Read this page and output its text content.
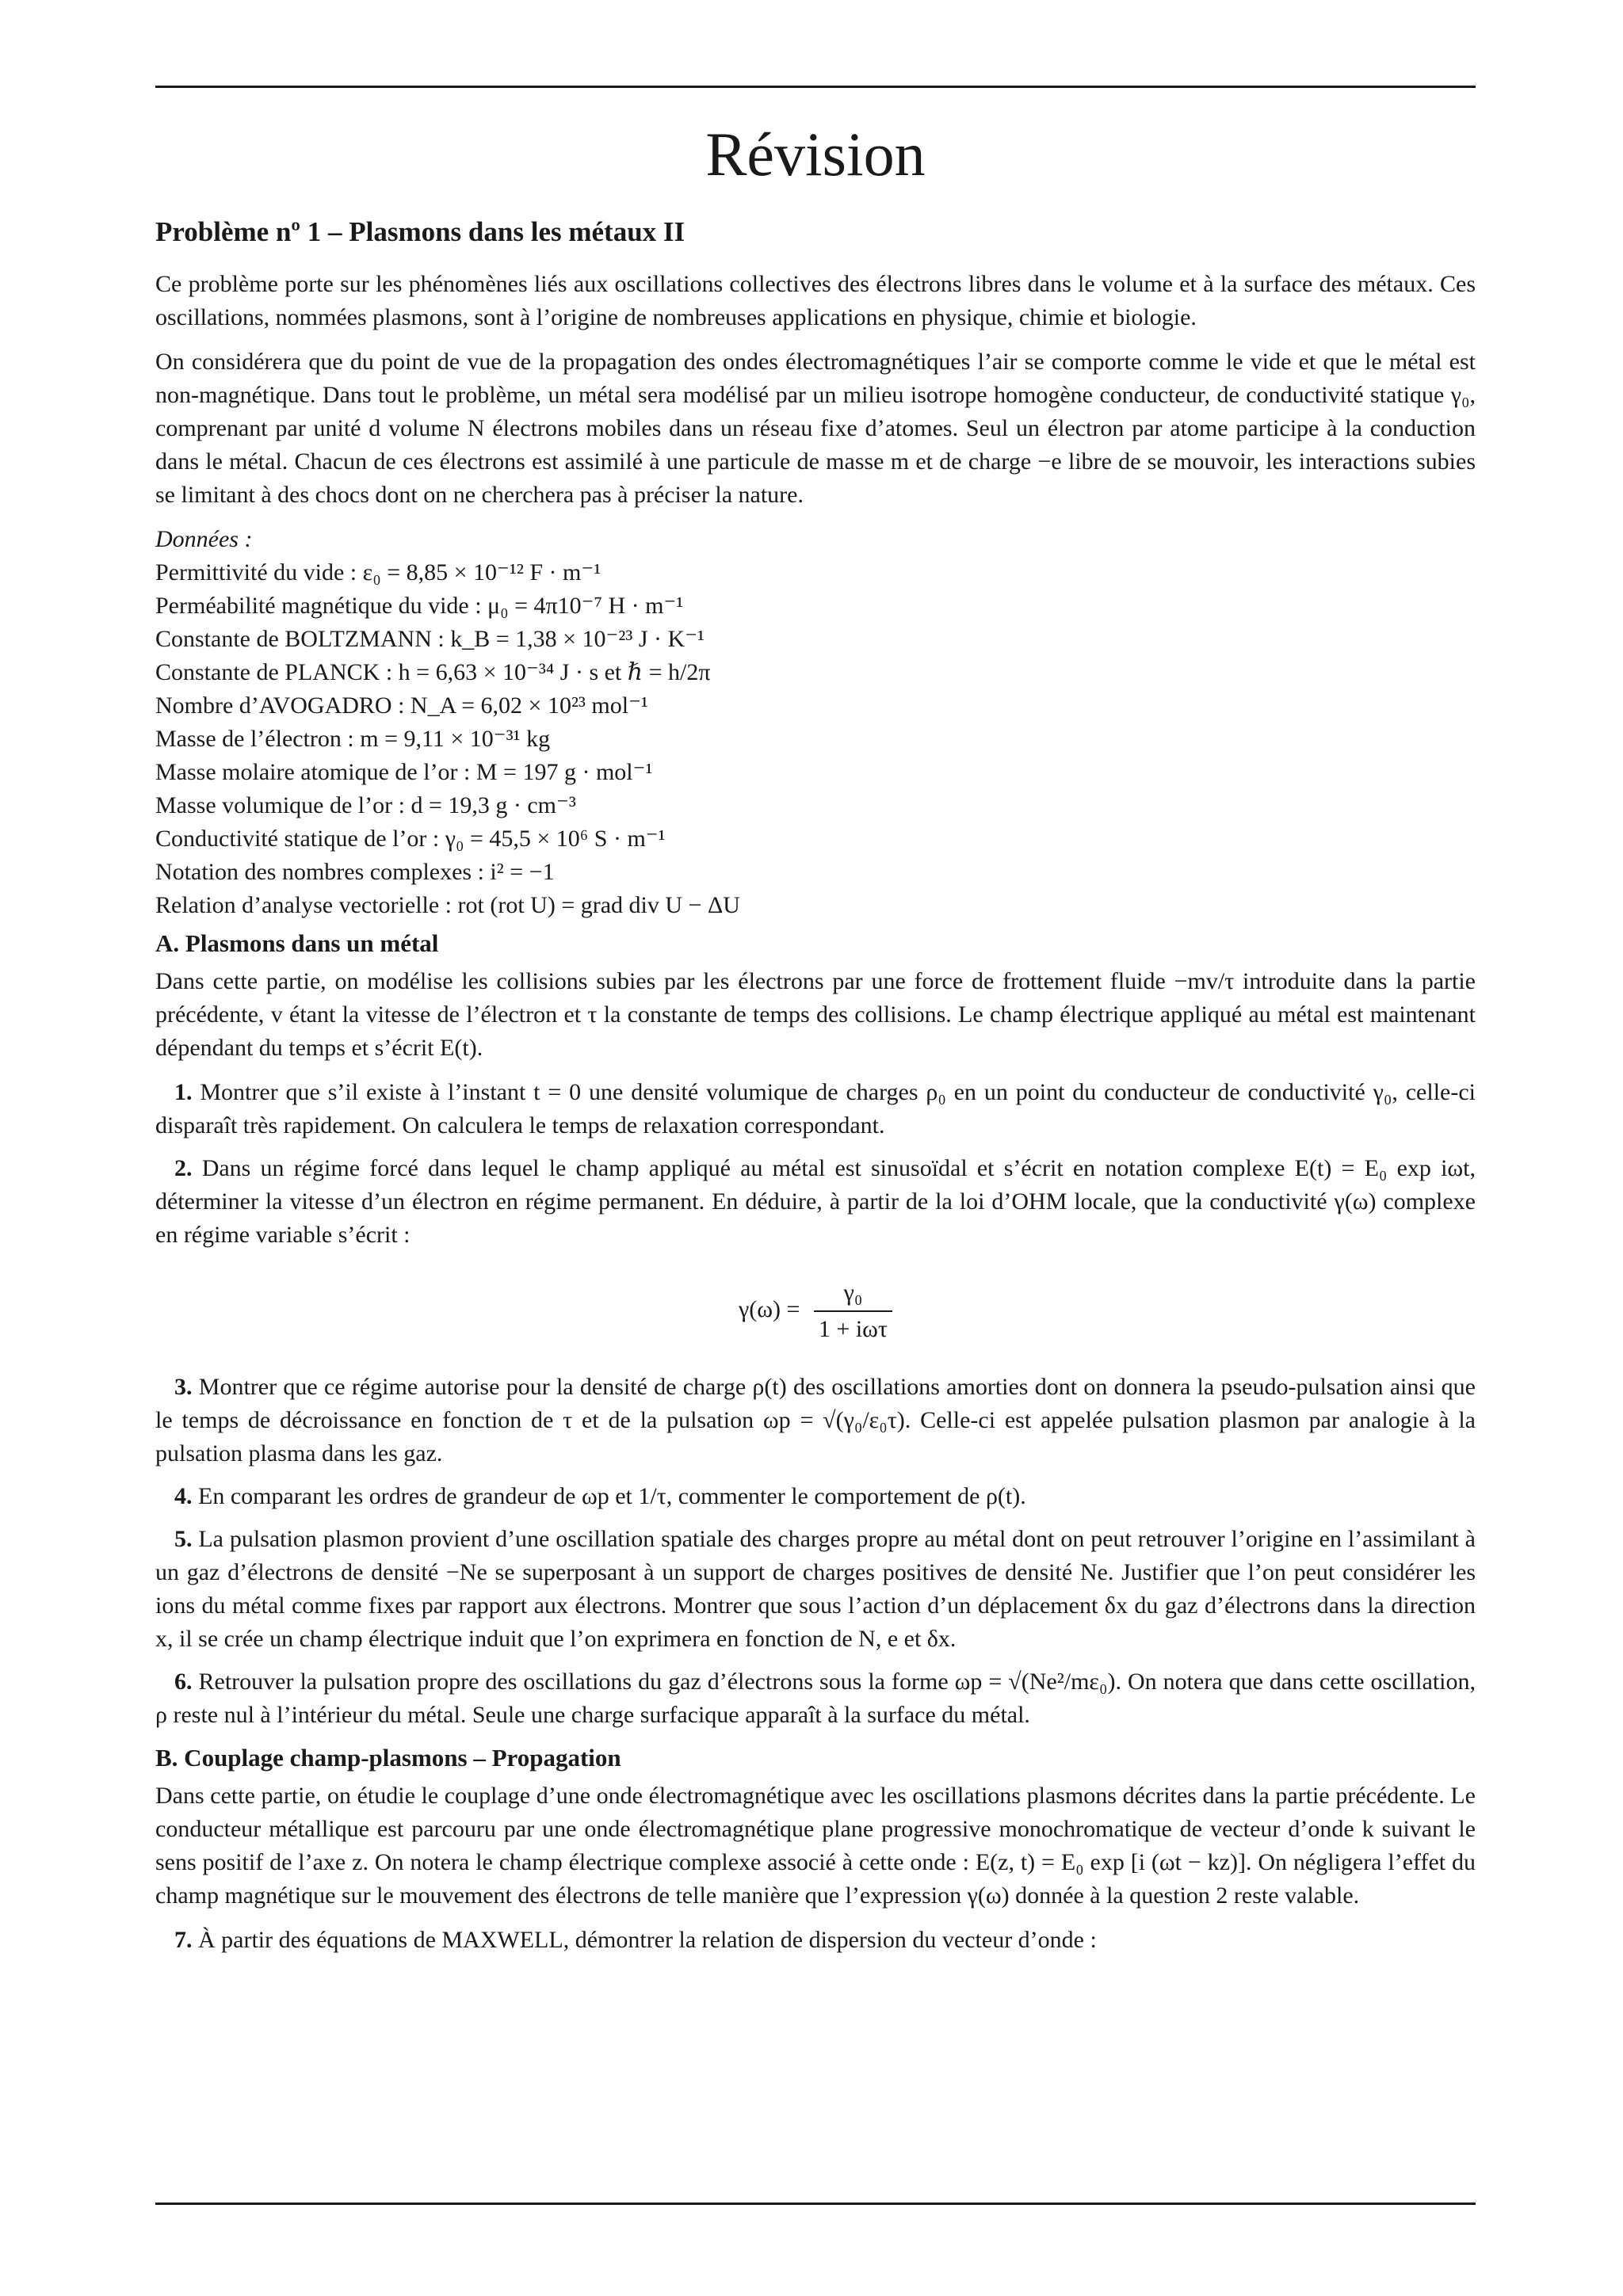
Révision
Problème nº 1 – Plasmons dans les métaux II

Ce problème porte sur les phénomènes liés aux oscillations collectives des électrons libres dans le volume et à la surface des métaux. Ces oscillations, nommées plasmons, sont à l’origine de nombreuses applications en physique, chimie et biologie.

On considérera que du point de vue de la propagation des ondes électromagnétiques l’air se comporte comme le vide et que le métal est non-magnétique. Dans tout le problème, un métal sera modélisé par un milieu isotrope homogène conducteur, de conductivité statique γ₀, comprenant par unité d volume N électrons mobiles dans un réseau fixe d’atomes. Seul un électron par atome participe à la conduction dans le métal. Chacun de ces électrons est assimilé à une particule de masse m et de charge −e libre de se mouvoir, les interactions subies se limitant à des chocs dont on ne cherchera pas à préciser la nature.

Données :
Permittivité du vide : ε₀ = 8,85 × 10⁻¹² F · m⁻¹
Perméabilité magnétique du vide : μ₀ = 4π10⁻⁷ H · m⁻¹
Constante de BOLTZMANN : k_B = 1,38 × 10⁻²³ J · K⁻¹
Constante de PLANCK : h = 6,63 × 10⁻³⁴ J · s et ℏ = h/2π
Nombre d’AVOGADRO : N_A = 6,02 × 10²³ mol⁻¹
Masse de l’électron : m = 9,11 × 10⁻³¹ kg
Masse molaire atomique de l’or : M = 197 g · mol⁻¹
Masse volumique de l’or : d = 19,3 g · cm⁻³
Conductivité statique de l’or : γ₀ = 45,5 × 10⁶ S · m⁻¹
Notation des nombres complexes : i² = −1
Relation d’analyse vectorielle : rot (rot U) = grad div U − ΔU
A. Plasmons dans un métal

Dans cette partie, on modélise les collisions subies par les électrons par une force de frottement fluide −mv/τ introduite dans la partie précédente, v étant la vitesse de l’électron et τ la constante de temps des collisions. Le champ électrique appliqué au métal est maintenant dépendant du temps et s’écrit E(t).

1. Montrer que s’il existe à l’instant t = 0 une densité volumique de charges ρ₀ en un point du conducteur de conductivité γ₀, celle-ci disparaît très rapidement. On calculera le temps de relaxation correspondant.

2. Dans un régime forcé dans lequel le champ appliqué au métal est sinusoïdal et s’écrit en notation complexe E(t) = E₀ exp iωt, déterminer la vitesse d’un électron en régime permanent. En déduire, à partir de la loi d’OHM locale, que la conductivité γ(ω) complexe en régime variable s’écrit :

$\gamma(\omega) = \frac{\text{γ₀}}{\text{1 + iωτ}}$

3. Montrer que ce régime autorise pour la densité de charge ρ(t) des oscillations amorties dont on donnera la pseudo-pulsation ainsi que le temps de décroissance en fonction de τ et de la pulsation ωp = √(γ₀/ε₀τ). Celle-ci est appelée pulsation plasmon par analogie à la pulsation plasma dans les gaz.

4. En comparant les ordres de grandeur de ωp et 1/τ, commenter le comportement de ρ(t).

5. La pulsation plasmon provient d’une oscillation spatiale des charges propre au métal dont on peut retrouver l’origine en l’assimilant à un gaz d’électrons de densité −Ne se superposant à un support de charges positives de densité Ne. Justifier que l’on peut considérer les ions du métal comme fixes par rapport aux électrons. Montrer que sous l’action d’un déplacement δx du gaz d’électrons dans la direction x, il se crée un champ électrique induit que l’on exprimera en fonction de N, e et δx.

6. Retrouver la pulsation propre des oscillations du gaz d’électrons sous la forme ωp = √(Ne²/mε₀). On notera que dans cette oscillation, ρ reste nul à l’intérieur du métal. Seule une charge surfacique apparaît à la surface du métal.

B. Couplage champ-plasmons – Propagation

Dans cette partie, on étudie le couplage d’une onde électromagnétique avec les oscillations plasmons décrites dans la partie précédente. Le conducteur métallique est parcouru par une onde électromagnétique plane progressive monochromatique de vecteur d’onde k suivant le sens positif de l’axe z. On notera le champ électrique complexe associé à cette onde : E(z, t) = E₀ exp [i (ωt − kz)]. On négligera l’effet du champ magnétique sur le mouvement des électrons de telle manière que l’expression γ(ω) donnée à la question 2 reste valable.

7. À partir des équations de MAXWELL, démontrer la relation de dispersion du vecteur d’onde :
